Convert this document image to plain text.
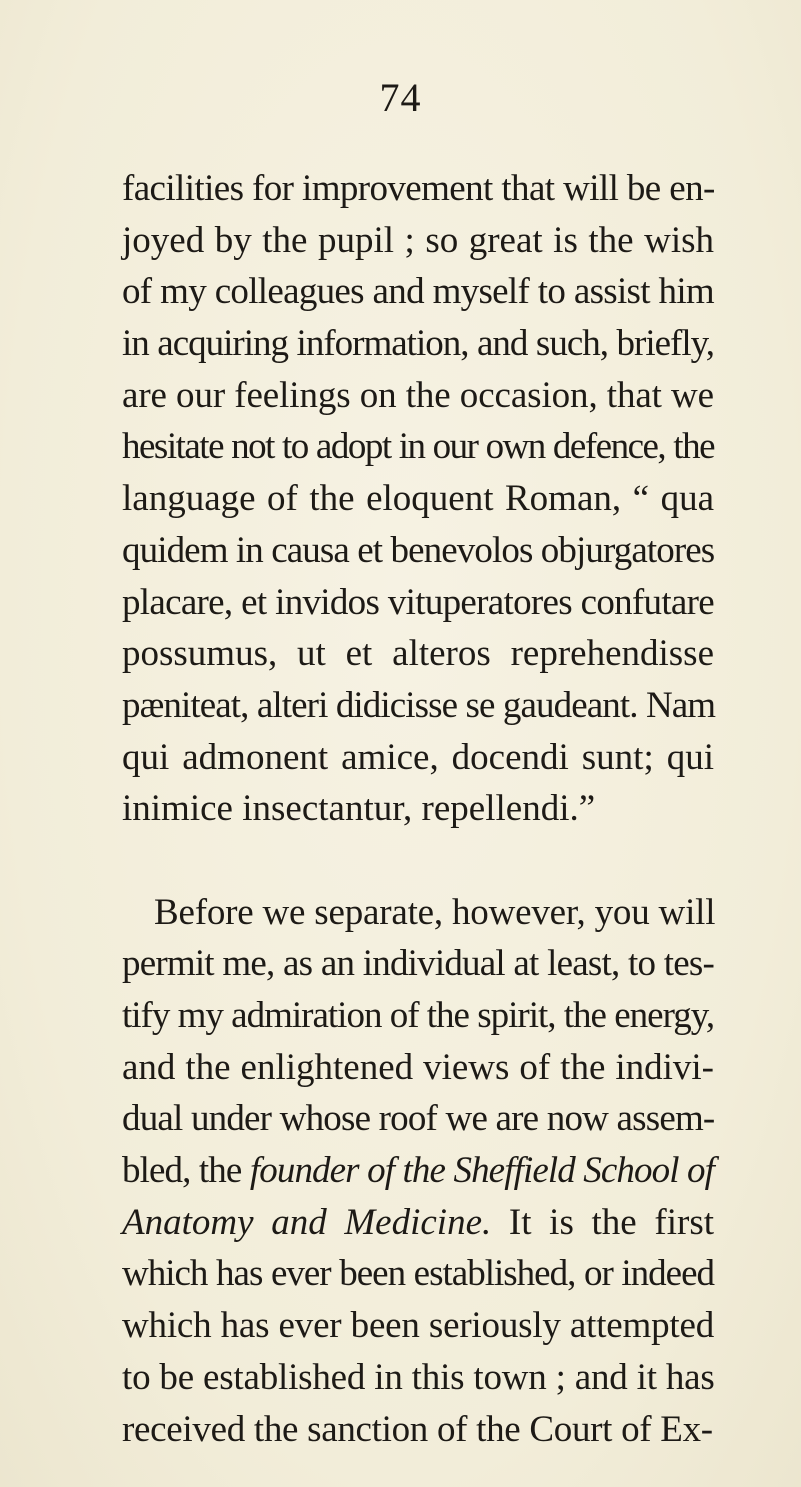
74
facilities for improvement that will be en-
joyed by the pupil ; so great is the wish
of my colleagues and myself to assist him
in acquiring information, and such, briefly,
are our feelings on the occasion, that we
hesitate not to adopt in our own defence, the
language of the eloquent Roman, “ qua
quidem in causa et benevolos objurgatores
placare, et invidos vituperatores confutare
possumus, ut et alteros reprehendisse
pæniteat, alteri didicisse se gaudeant. Nam
qui admonent amice, docendi sunt; qui
inimice insectantur, repellendi.”
Before we separate, however, you will
permit me, as an individual at least, to tes-
tify my admiration of the spirit, the energy,
and the enlightened views of the indivi-
dual under whose roof we are now assem-
bled, the founder of the Sheffield School of
Anatomy and Medicine. It is the first
which has ever been established, or indeed
which has ever been seriously attempted
to be established in this town ; and it has
received the sanction of the Court of Ex-
